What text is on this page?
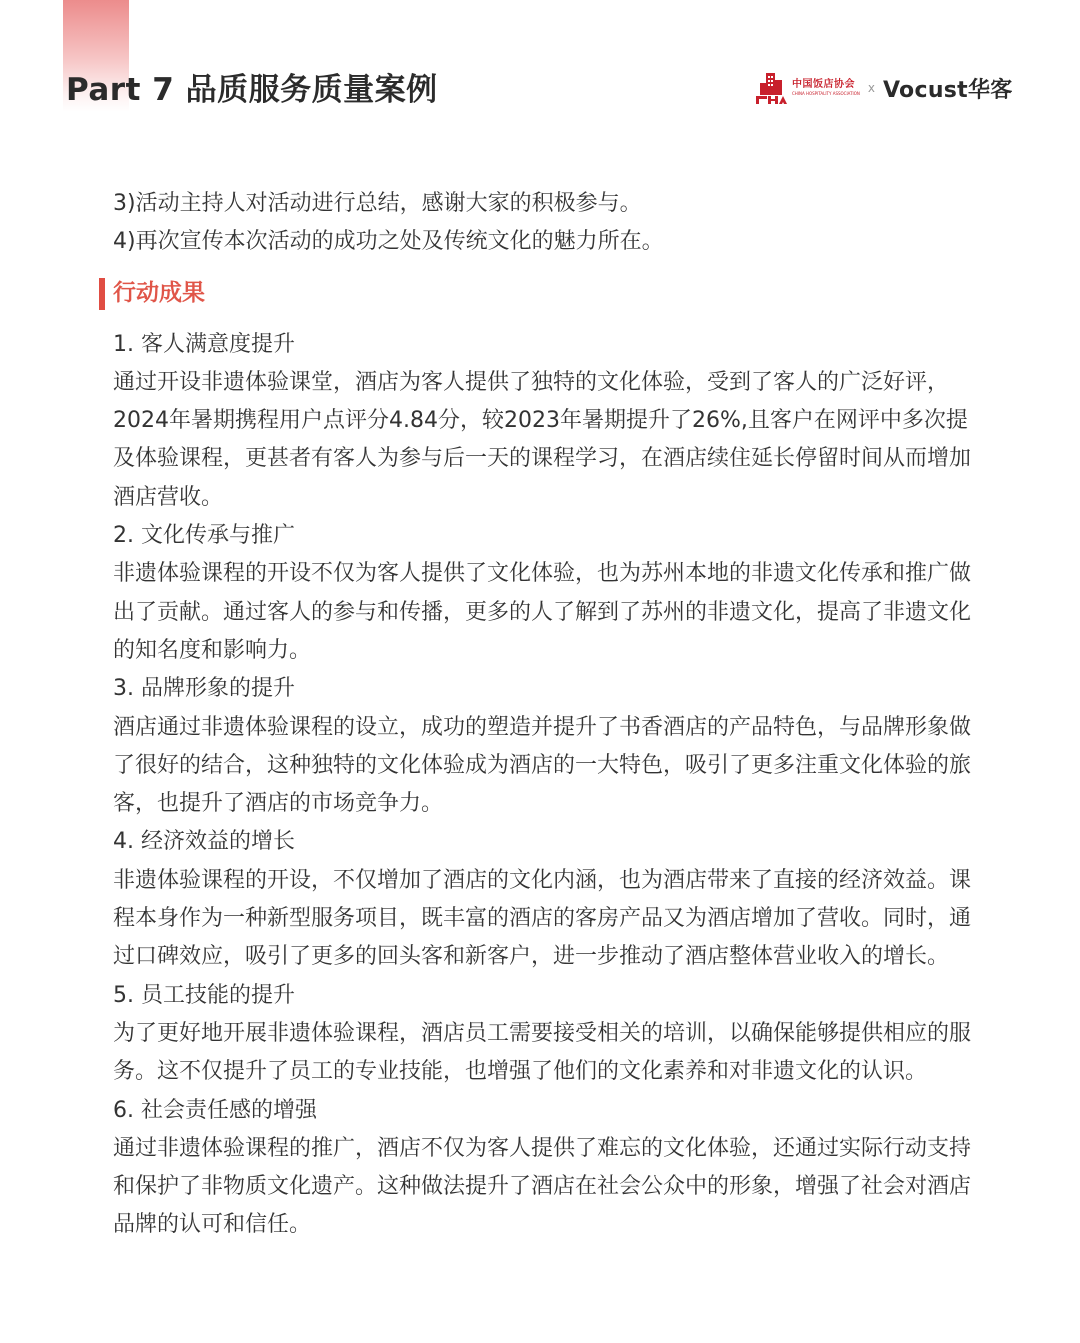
Part 7 品质服务质量案例	中国饭店协会
CHINA HOSPITALITY ASSOCIATION x Vocust华客

3)活动主持人对活动进行总结，感谢大家的积极参与。

4)再次宣传本次活动的成功之处及传统文化的魅力所在。

行动成果

1. 客人满意度提升

通过开设非遗体验课堂，酒店为客人提供了独特的文化体验，受到了客人的广泛好评，2024年暑期携程用户点评分4.84分，较2023年暑期提升了26%,且客户在网评中多次提及体验课程，更甚者有客人为参与后一天的课程学习，在酒店续住延长停留时间从而增加酒店营收。

2. 文化传承与推广

非遗体验课程的开设不仅为客人提供了文化体验，也为苏州本地的非遗文化传承和推广做出了贡献。通过客人的参与和传播，更多的人了解到了苏州的非遗文化，提高了非遗文化的知名度和影响力。

3. 品牌形象的提升

酒店通过非遗体验课程的设立，成功的塑造并提升了书香酒店的产品特色，与品牌形象做了很好的结合，这种独特的文化体验成为酒店的一大特色，吸引了更多注重文化体验的旅客，也提升了酒店的市场竞争力。

4. 经济效益的增长

非遗体验课程的开设，不仅增加了酒店的文化内涵，也为酒店带来了直接的经济效益。课程本身作为一种新型服务项目，既丰富的酒店的客房产品又为酒店增加了营收。同时，通过口碑效应，吸引了更多的回头客和新客户，进一步推动了酒店整体营业收入的增长。

5. 员工技能的提升

为了更好地开展非遗体验课程，酒店员工需要接受相关的培训，以确保能够提供相应的服务。这不仅提升了员工的专业技能，也增强了他们的文化素养和对非遗文化的认识。

6. 社会责任感的增强

通过非遗体验课程的推广，酒店不仅为客人提供了难忘的文化体验，还通过实际行动支持和保护了非物质文化遗产。这种做法提升了酒店在社会公众中的形象，增强了社会对酒店品牌的认可和信任。
